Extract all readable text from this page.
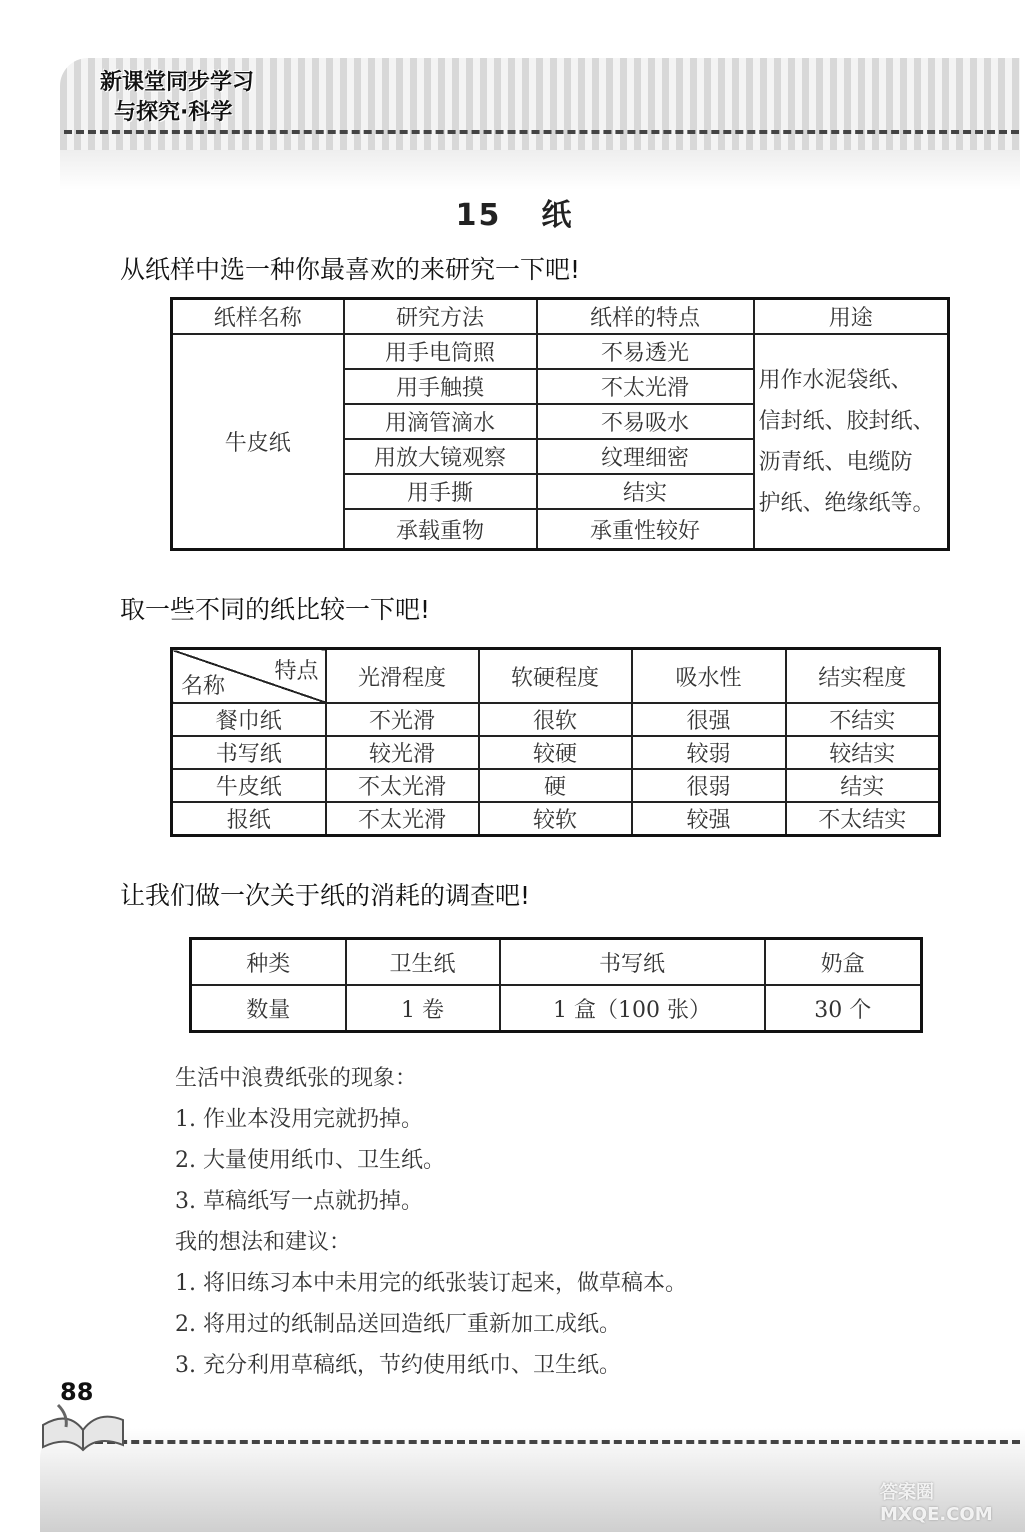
新课堂同步学习
与探究·科学
15 纸
从纸样中选一种你最喜欢的来研究一下吧!
纸样名称	研究方法	纸样的特点	用途
牛皮纸	用手电筒照	不易透光	用作水泥袋纸、
信封纸、胶封纸、
沥青纸、电缆防
护纸、绝缘纸等。

	用手触摸	不太光滑	
	用滴管滴水	不易吸水	
	用放大镜观察	纹理细密	
	用手撕	结实	
	承载重物	承重性较好	
取一些不同的纸比较一下吧!
特点
名称	光滑程度	软硬程度	吸水性	结实程度
餐巾纸	不光滑	很软	很强	不结实
书写纸	较光滑	较硬	较弱	较结实
牛皮纸	不太光滑	硬	很弱	结实
报纸	不太光滑	较软	较强	不太结实
让我们做一次关于纸的消耗的调查吧!
种类	卫生纸	书写纸	奶盒
数量	1 卷	1 盒（100 张）	30 个
生活中浪费纸张的现象：
1. 作业本没用完就扔掉。
2. 大量使用纸巾、卫生纸。
3. 草稿纸写一点就扔掉。
我的想法和建议：
1. 将旧练习本中未用完的纸张装订起来，做草稿本。
2. 将用过的纸制品送回造纸厂重新加工成纸。
3. 充分利用草稿纸，节约使用纸巾、卫生纸。
88
答案圈 MXQE.COM
